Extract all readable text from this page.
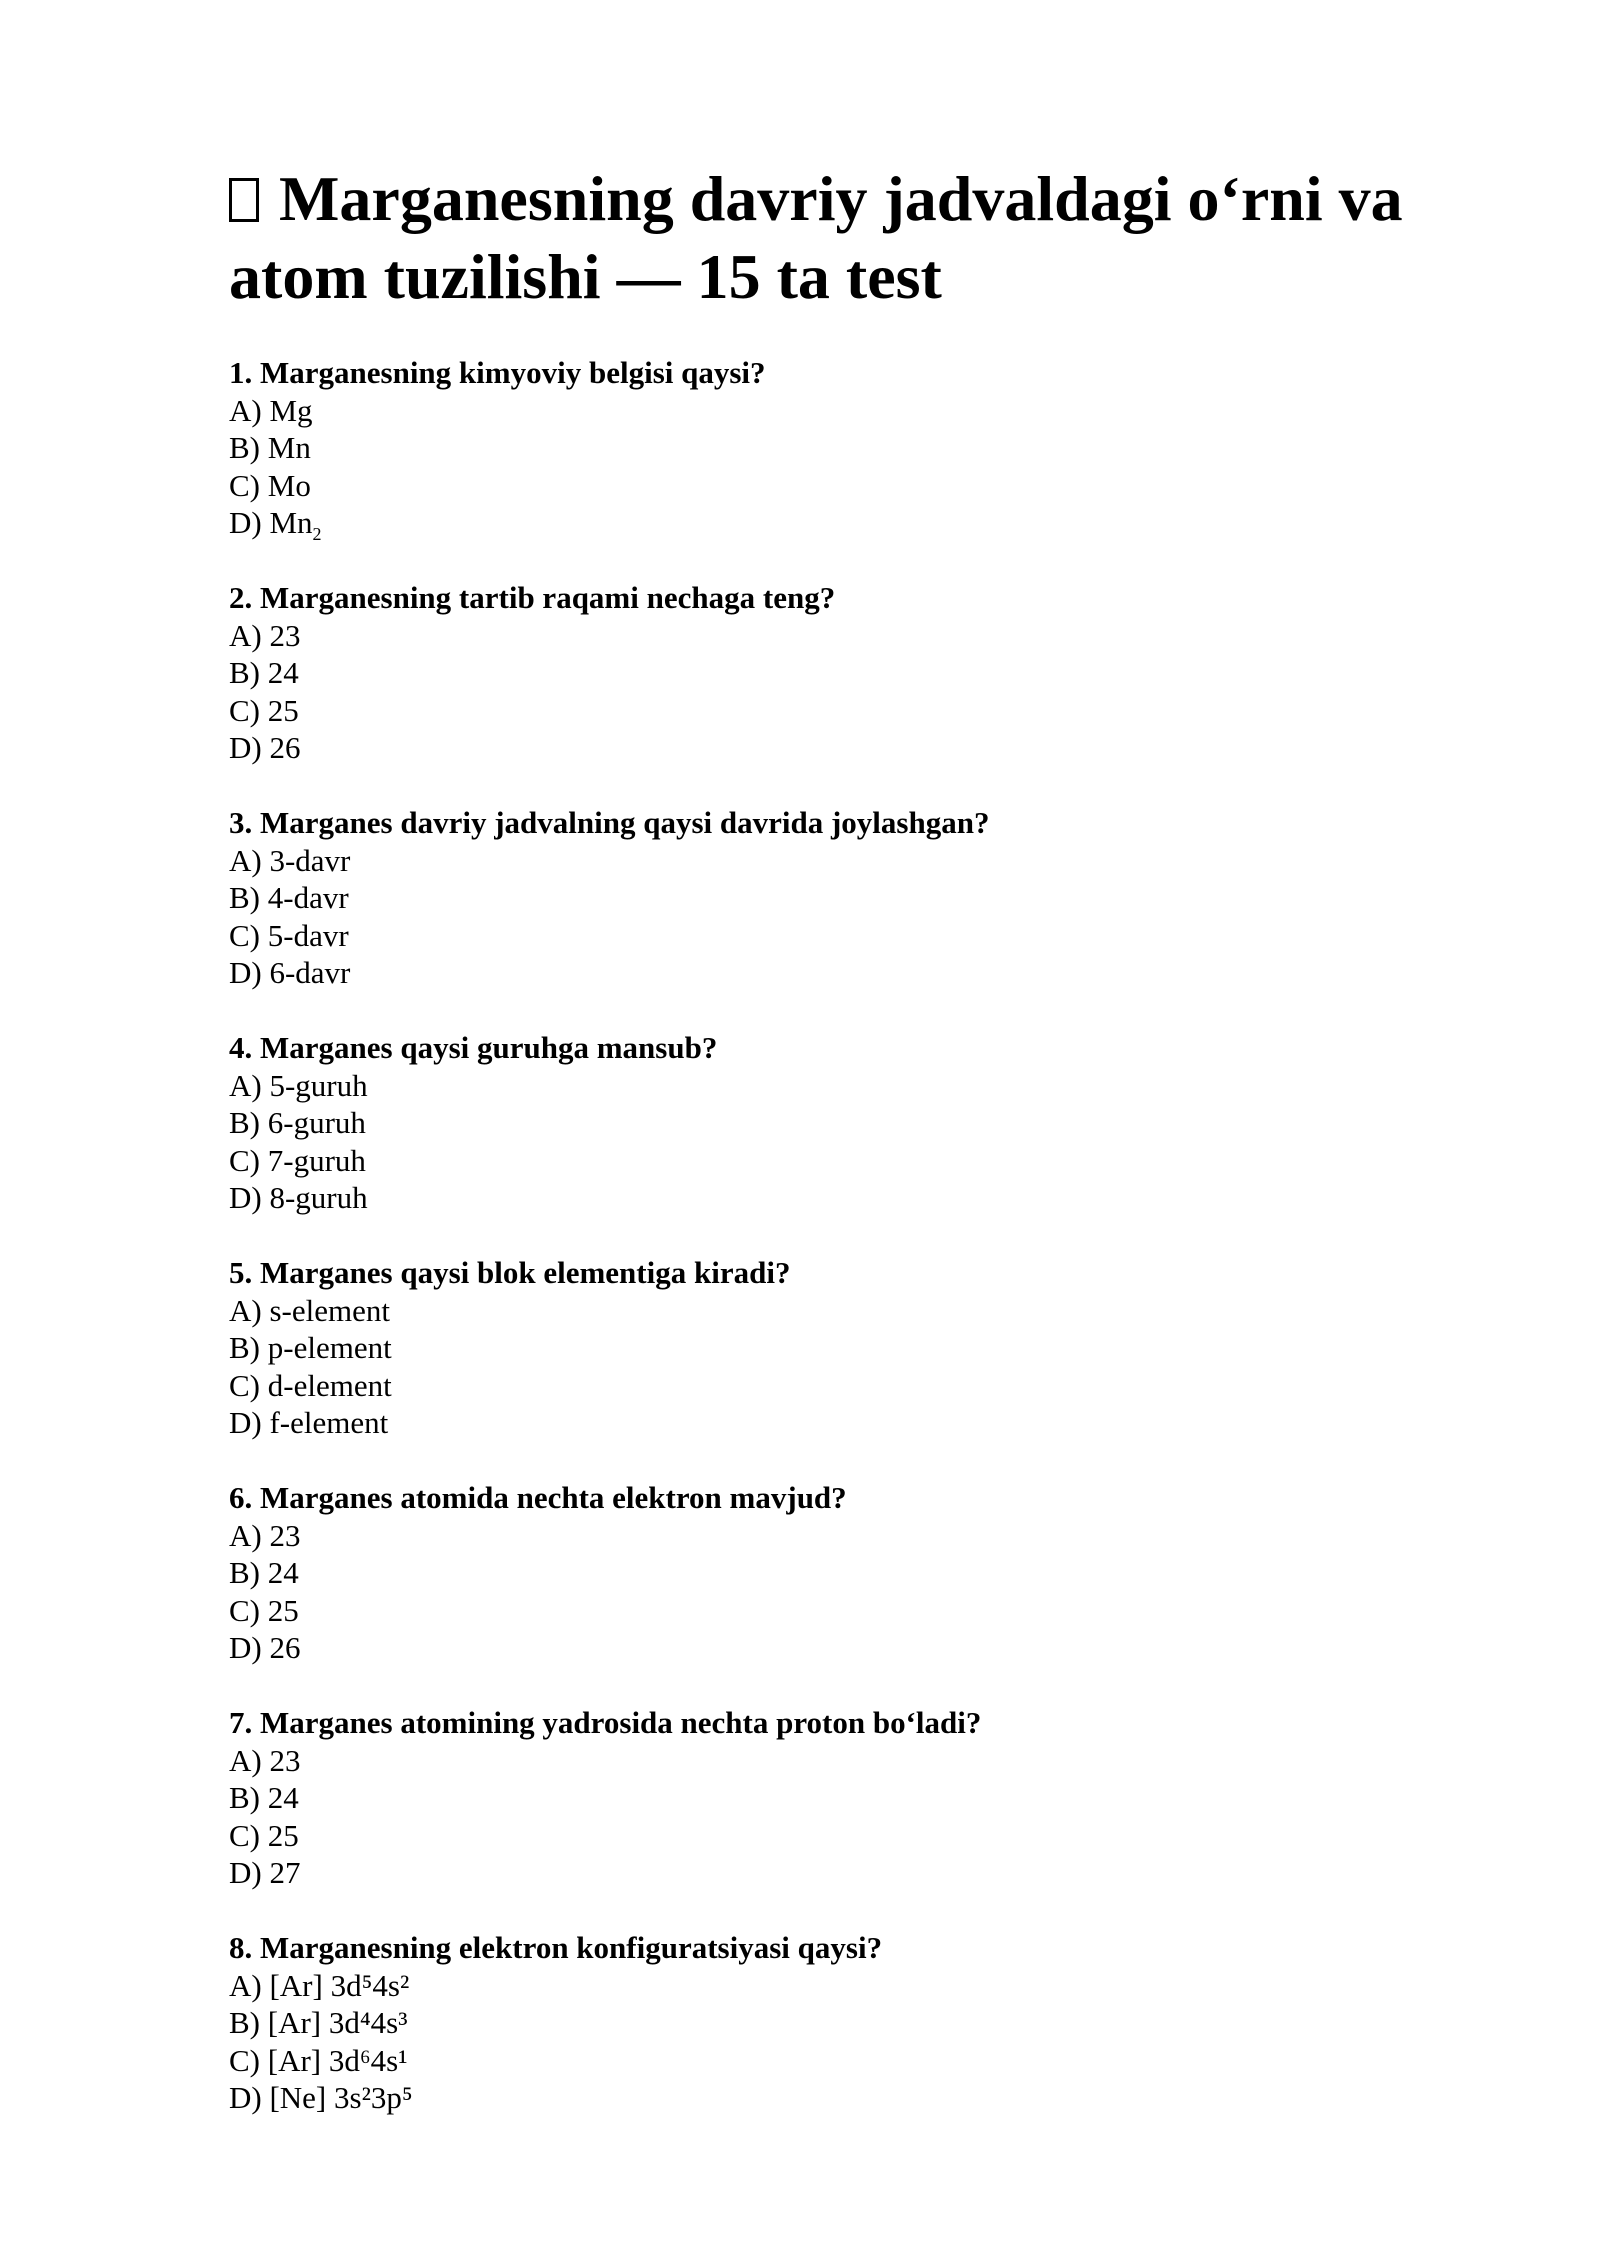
Marganesning davriy jadvaldagi o‘rni va atom tuzilishi — 15 ta test

1. Marganesning kimyoviy belgisi qaysi?

A) Mg

B) Mn

C) Mo

D) $Mn_2$

2. Marganesning tartib raqami nechaga teng?

A) 23

B) 24

C) 25

D) 26

3. Marganes davriy jadvalning qaysi davrida joylashgan?

A) 3-davr

B) 4-davr

C) 5-davr

D) 6-davr

4. Marganes qaysi guruhga mansub?

A) 5-guruh

B) 6-guruh

C) 7-guruh

D) 8-guruh

5. Marganes qaysi blok elementiga kiradi?

A) s-element

B) p-element

C) d-element

D) f-element

6. Marganes atomida nechta elektron mavjud?

A) 23

B) 24

C) 25

D) 26

7. Marganes atomining yadrosida nechta proton bo‘ladi?

A) 23

B) 24

C) 25

D) 27

8. Marganesning elektron konfiguratsiyasi qaysi?

A) [Ar] 3d⁵4s²

B) [Ar] 3d⁴4s³

C) [Ar] 3d⁶4s¹

D) [Ne] 3s²3p⁵
